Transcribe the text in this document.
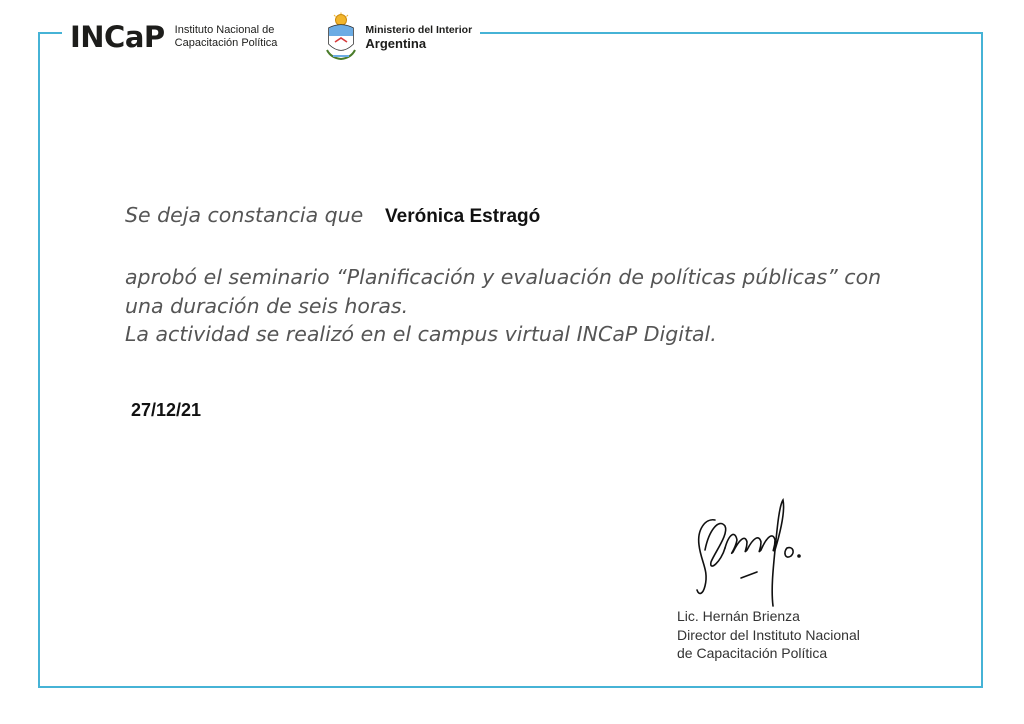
INCaP Instituto Nacional de
Capacitación Política
Ministerio del Interior
Argentina
Se deja constancia que Verónica Estragó
aprobó el seminario “Planificación y evaluación de políticas públicas” con
una duración de seis horas.
La actividad se realizó en el campus virtual INCaP Digital.
27/12/21
Lic. Hernán Brienza
Director del Instituto Nacional
de Capacitación Política
